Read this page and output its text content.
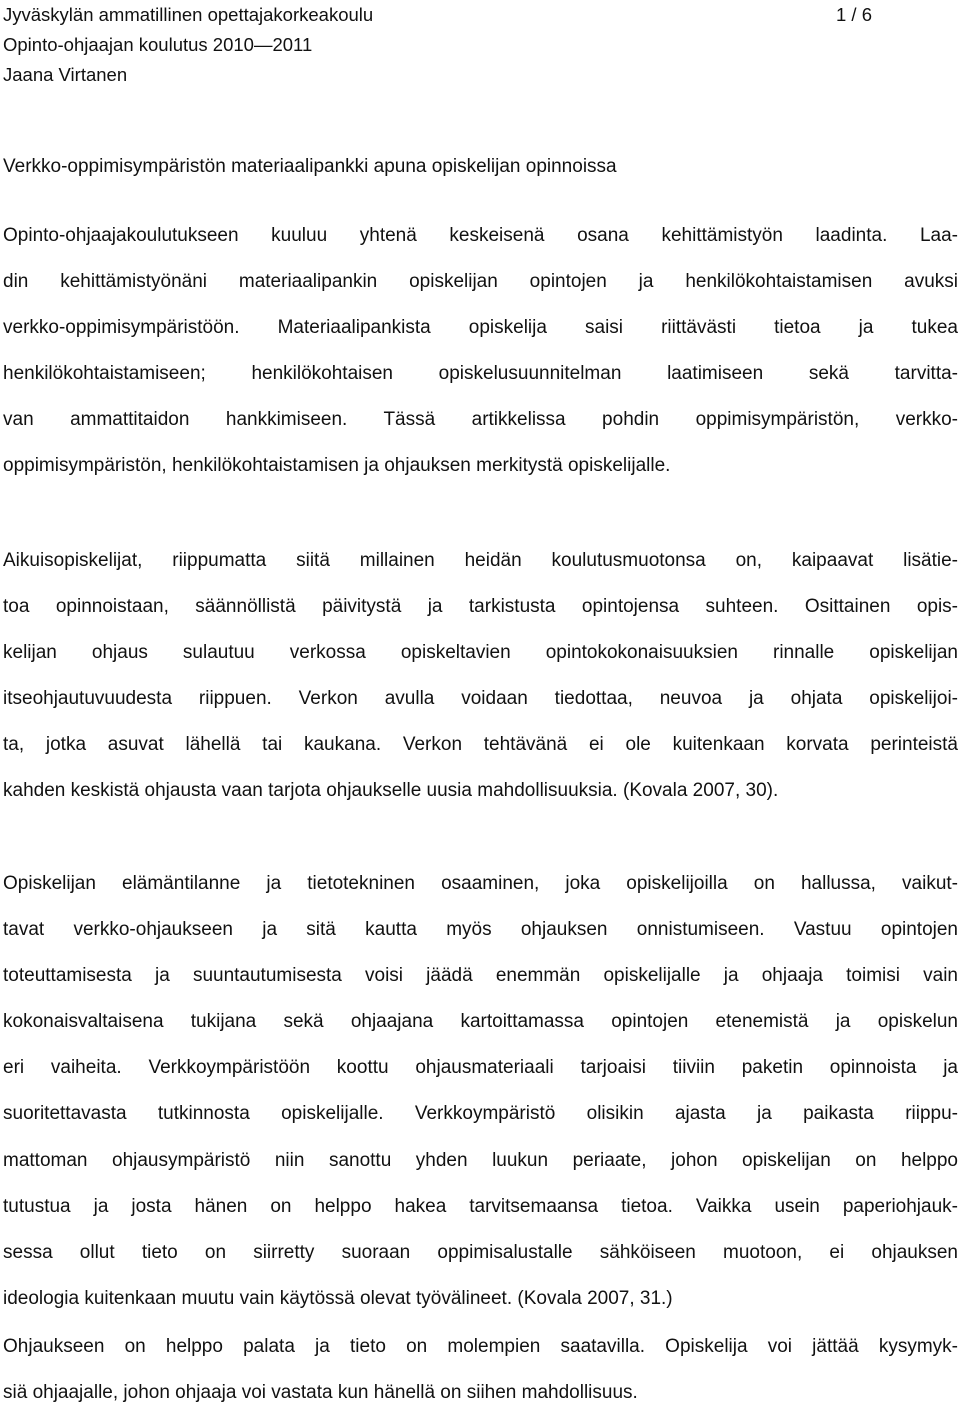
Jyväskylän ammatillinen opettajakorkeakoulu	1 / 6
Opinto-ohjaajan koulutus 2010—2011
Jaana Virtanen
Verkko-oppimisympäristön materiaalipankki apuna opiskelijan opinnoissa
Opinto-ohjaajakoulutukseen kuuluu yhtenä keskeisenä osana kehittämistyön laadinta. Laa-
din kehittämistyönäni materiaalipankin opiskelijan opintojen ja henkilökohtaistamisen avuksi
verkko-oppimisympäristöön. Materiaalipankista opiskelija saisi riittävästi tietoa ja tukea
henkilökohtaistamiseen; henkilökohtaisen opiskelusuunnitelman laatimiseen sekä tarvitta-
van ammattitaidon hankkimiseen. Tässä artikkelissa pohdin oppimisympäristön, verkko-
oppimisympäristön, henkilökohtaistamisen ja ohjauksen merkitystä opiskelijalle.
Aikuisopiskelijat, riippumatta siitä millainen heidän koulutusmuotonsa on, kaipaavat lisätie-
toa opinnoistaan, säännöllistä päivitystä ja tarkistusta opintojensa suhteen. Osittainen opis-
kelijan ohjaus sulautuu verkossa opiskeltavien opintokokonaisuuksien rinnalle opiskelijan
itseohjautuvuudesta riippuen. Verkon avulla voidaan tiedottaa, neuvoa ja ohjata opiskelijoi-
ta, jotka asuvat lähellä tai kaukana. Verkon tehtävänä ei ole kuitenkaan korvata perinteistä
kahden keskistä ohjausta vaan tarjota ohjaukselle uusia mahdollisuuksia. (Kovala 2007, 30).
Opiskelijan elämäntilanne ja tietotekninen osaaminen, joka opiskelijoilla on hallussa, vaikut-
tavat verkko-ohjaukseen ja sitä kautta myös ohjauksen onnistumiseen. Vastuu opintojen
toteuttamisesta ja suuntautumisesta voisi jäädä enemmän opiskelijalle ja ohjaaja toimisi vain
kokonaisvaltaisena tukijana sekä ohjaajana kartoittamassa opintojen etenemistä ja opiskelun
eri vaiheita. Verkkoympäristöön koottu ohjausmateriaali tarjoaisi tiiviin paketin opinnoista ja
suoritettavasta tutkinnosta opiskelijalle. Verkkoympäristö olisikin ajasta ja paikasta riippu-
mattoman ohjausympäristö niin sanottu yhden luukun periaate, johon opiskelijan on helppo
tutustua ja josta hänen on helppo hakea tarvitsemaansa tietoa. Vaikka usein paperiohjauk-
sessa ollut tieto on siirretty suoraan oppimisalustalle sähköiseen muotoon, ei ohjauksen
ideologia kuitenkaan muutu vain käytössä olevat työvälineet. (Kovala 2007, 31.)
Ohjaukseen on helppo palata ja tieto on molempien saatavilla. Opiskelija voi jättää kysymyk-
siä ohjaajalle, johon ohjaaja voi vastata kun hänellä on siihen mahdollisuus.
